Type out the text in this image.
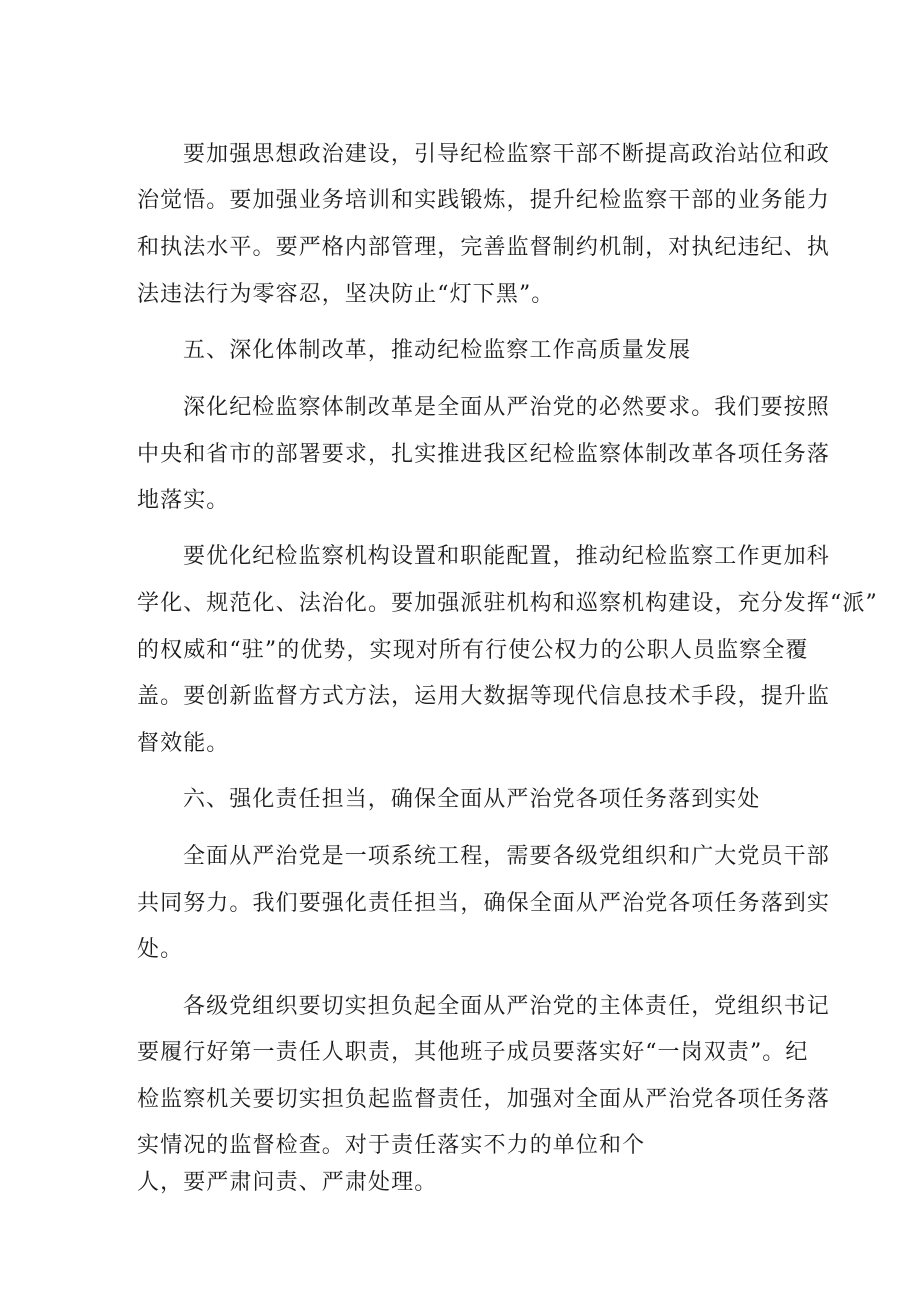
要加强思想政治建设，引导纪检监察干部不断提高政治站位和政
治觉悟。要加强业务培训和实践锻炼，提升纪检监察干部的业务能力
和执法水平。要严格内部管理，完善监督制约机制，对执纪违纪、执
法违法行为零容忍，坚决防止“灯下黑”。
五、深化体制改革，推动纪检监察工作高质量发展
深化纪检监察体制改革是全面从严治党的必然要求。我们要按照
中央和省市的部署要求，扎实推进我区纪检监察体制改革各项任务落
地落实。
要优化纪检监察机构设置和职能配置，推动纪检监察工作更加科
学化、规范化、法治化。要加强派驻机构和巡察机构建设，充分发挥“派”
的权威和“驻”的优势，实现对所有行使公权力的公职人员监察全覆
盖。要创新监督方式方法，运用大数据等现代信息技术手段，提升监
督效能。
六、强化责任担当，确保全面从严治党各项任务落到实处
全面从严治党是一项系统工程，需要各级党组织和广大党员干部
共同努力。我们要强化责任担当，确保全面从严治党各项任务落到实
处。
各级党组织要切实担负起全面从严治党的主体责任，党组织书记
要履行好第一责任人职责，其他班子成员要落实好“一岗双责”。纪
检监察机关要切实担负起监督责任，加强对全面从严治党各项任务落
实情况的监督检查。对于责任落实不力的单位和个
人，要严肃问责、严肃处理。
